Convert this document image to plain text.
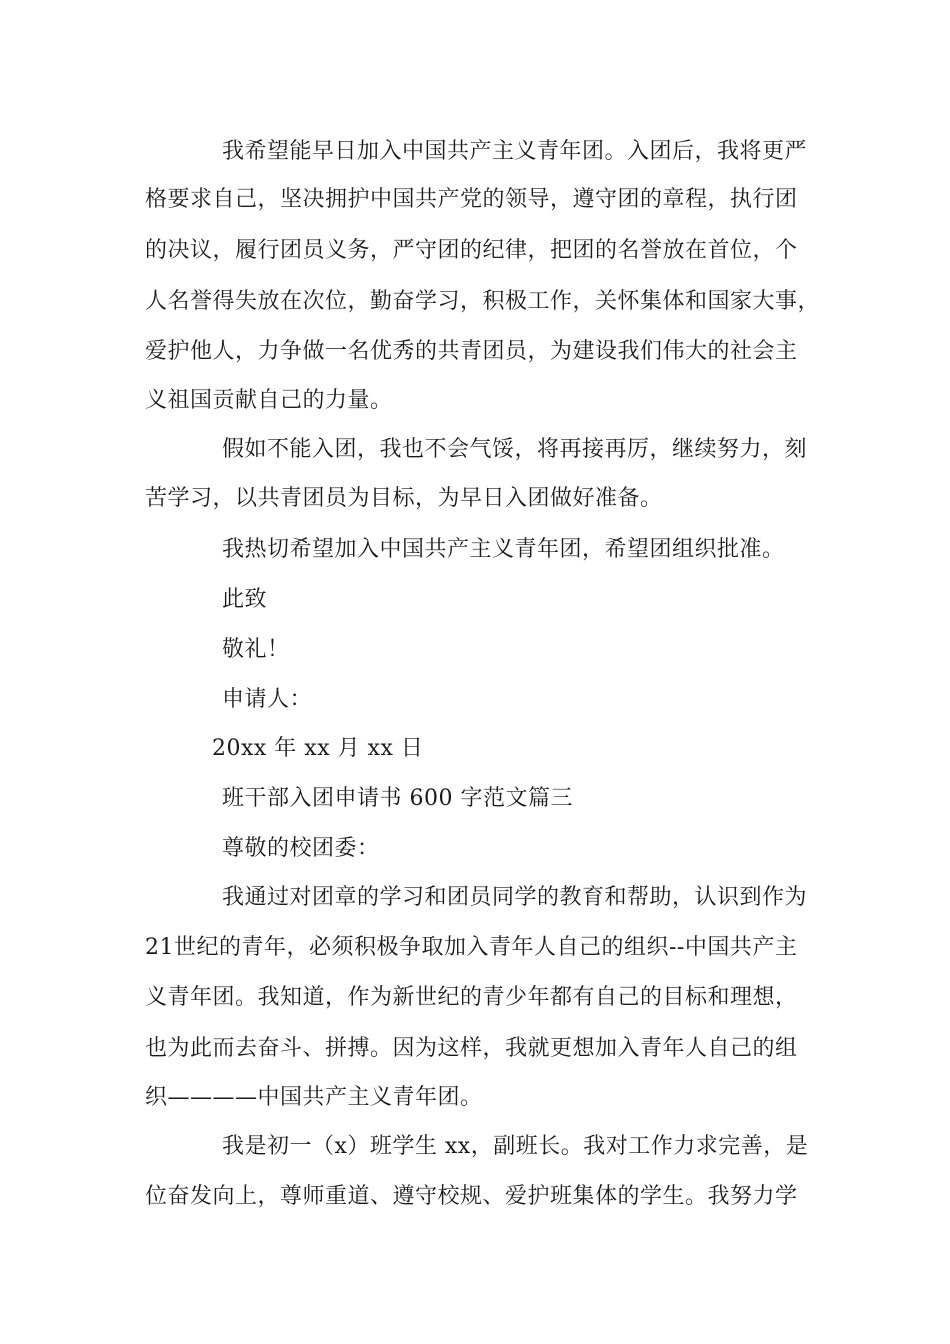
我希望能早日加入中国共产主义青年团。入团后，我将更严
格要求自己，坚决拥护中国共产党的领导，遵守团的章程，执行团
的决议，履行团员义务，严守团的纪律，把团的名誉放在首位，个
人名誉得失放在次位，勤奋学习，积极工作，关怀集体和国家大事，
爱护他人，力争做一名优秀的共青团员，为建设我们伟大的社会主
义祖国贡献自己的力量。
假如不能入团，我也不会气馁，将再接再厉，继续努力，刻
苦学习，以共青团员为目标，为早日入团做好准备。
我热切希望加入中国共产主义青年团，希望团组织批准。
此致
敬礼！
申请人：
20xx 年 xx 月 xx 日
班干部入团申请书 600 字范文篇三
尊敬的校团委：
我通过对团章的学习和团员同学的教育和帮助，认识到作为
21世纪的青年，必须积极争取加入青年人自己的组织--中国共产主
义青年团。我知道，作为新世纪的青少年都有自己的目标和理想，
也为此而去奋斗、拼搏。因为这样，我就更想加入青年人自己的组
织————中国共产主义青年团。
我是初一（x）班学生 xx，副班长。我对工作力求完善，是
位奋发向上，尊师重道、遵守校规、爱护班集体的学生。我努力学
